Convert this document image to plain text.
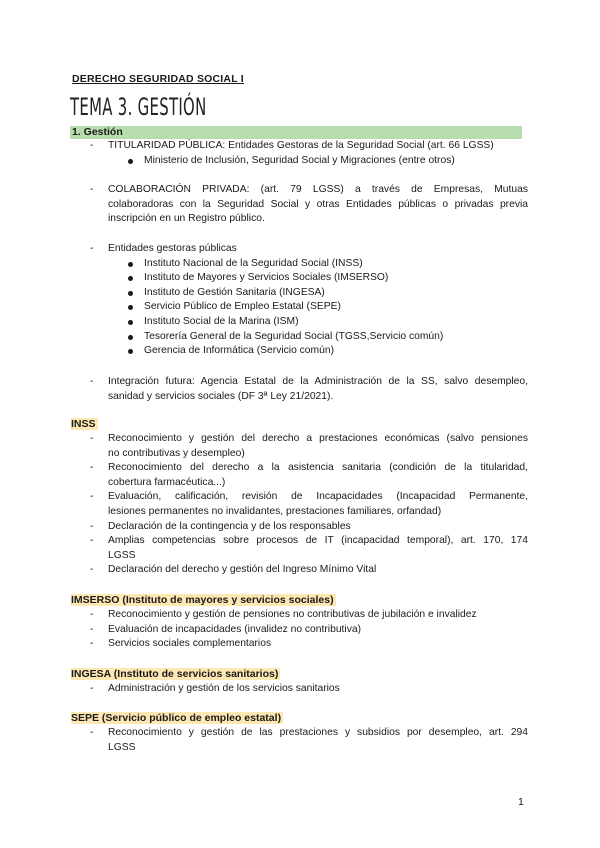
DERECHO SEGURIDAD SOCIAL I
TEMA 3. GESTIÓN
1. Gestión
- TITULARIDAD PÚBLICA: Entidades Gestoras de la Seguridad Social (art. 66 LGSS)
Ministerio de Inclusión, Seguridad Social y Migraciones (entre otros)
- COLABORACIÓN PRIVADA: (art. 79 LGSS) a través de Empresas, Mutuas
colaboradoras con la Seguridad Social y otras Entidades públicas o privadas previa
inscripción en un Registro público.
- Entidades gestoras públicas
Instituto Nacional de la Seguridad Social (INSS)
Instituto de Mayores y Servicios Sociales (IMSERSO)
Instituto de Gestión Sanitaria (INGESA)
Servicio Público de Empleo Estatal (SEPE)
Instituto Social de la Marina (ISM)
Tesorería General de la Seguridad Social (TGSS,Servicio común)
Gerencia de Informática (Servicio común)
- Integración futura: Agencia Estatal de la Administración de la SS, salvo desempleo,
sanidad y servicios sociales (DF 3ª Ley 21/2021).
INSS
- Reconocimiento y gestión del derecho a prestaciones económicas (salvo pensiones
no contributivas y desempleo)
- Reconocimiento del derecho a la asistencia sanitaria (condición de la titularidad,
cobertura farmacéutica...)
- Evaluación, calificación, revisión de Incapacidades (Incapacidad Permanente,
lesiones permanentes no invalidantes, prestaciones familiares, orfandad)
- Declaración de la contingencia y de los responsables
- Amplias competencias sobre procesos de IT (incapacidad temporal), art. 170, 174
LGSS
- Declaración del derecho y gestión del Ingreso Mínimo Vital
IMSERSO (Instituto de mayores y servicios sociales)
- Reconocimiento y gestión de pensiones no contributivas de jubilación e invalidez
- Evaluación de incapacidades (invalidez no contributiva)
- Servicios sociales complementarios
INGESA (Instituto de servicios sanitarios)
- Administración y gestión de los servicios sanitarios
SEPE (Servicio público de empleo estatal)
- Reconocimiento y gestión de las prestaciones y subsidios por desempleo, art. 294
LGSS
1
